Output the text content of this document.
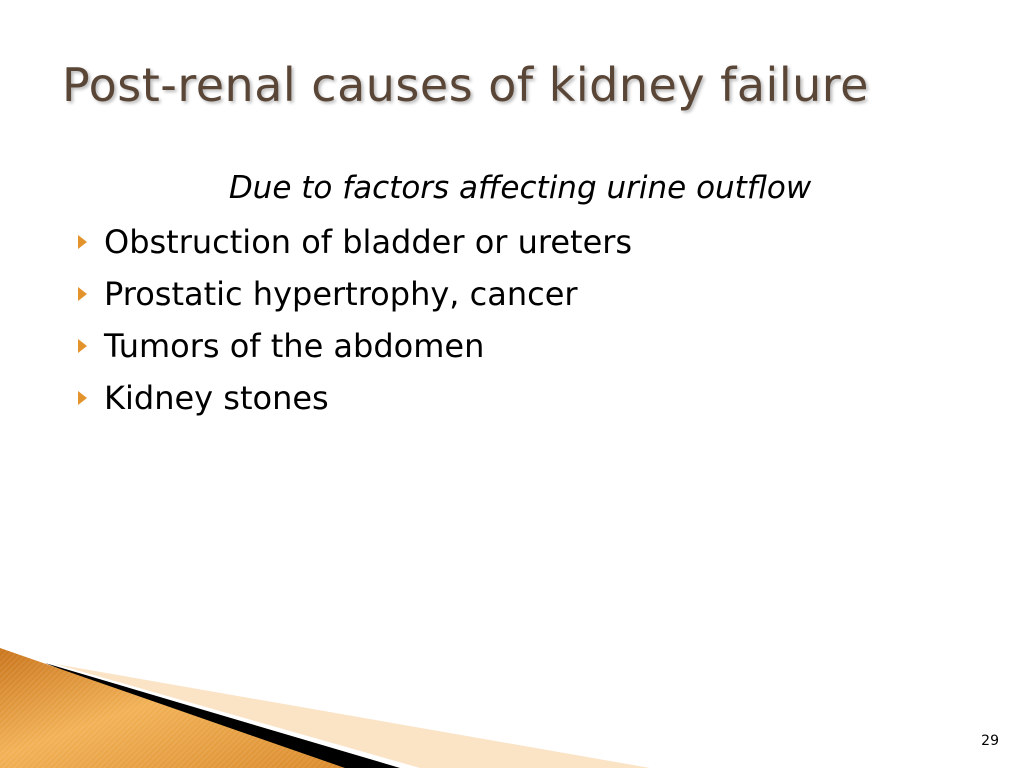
Post-renal causes of kidney failure
Due to factors affecting urine outflow
Obstruction of bladder or ureters
Prostatic hypertrophy, cancer
Tumors of the abdomen
Kidney stones
29
